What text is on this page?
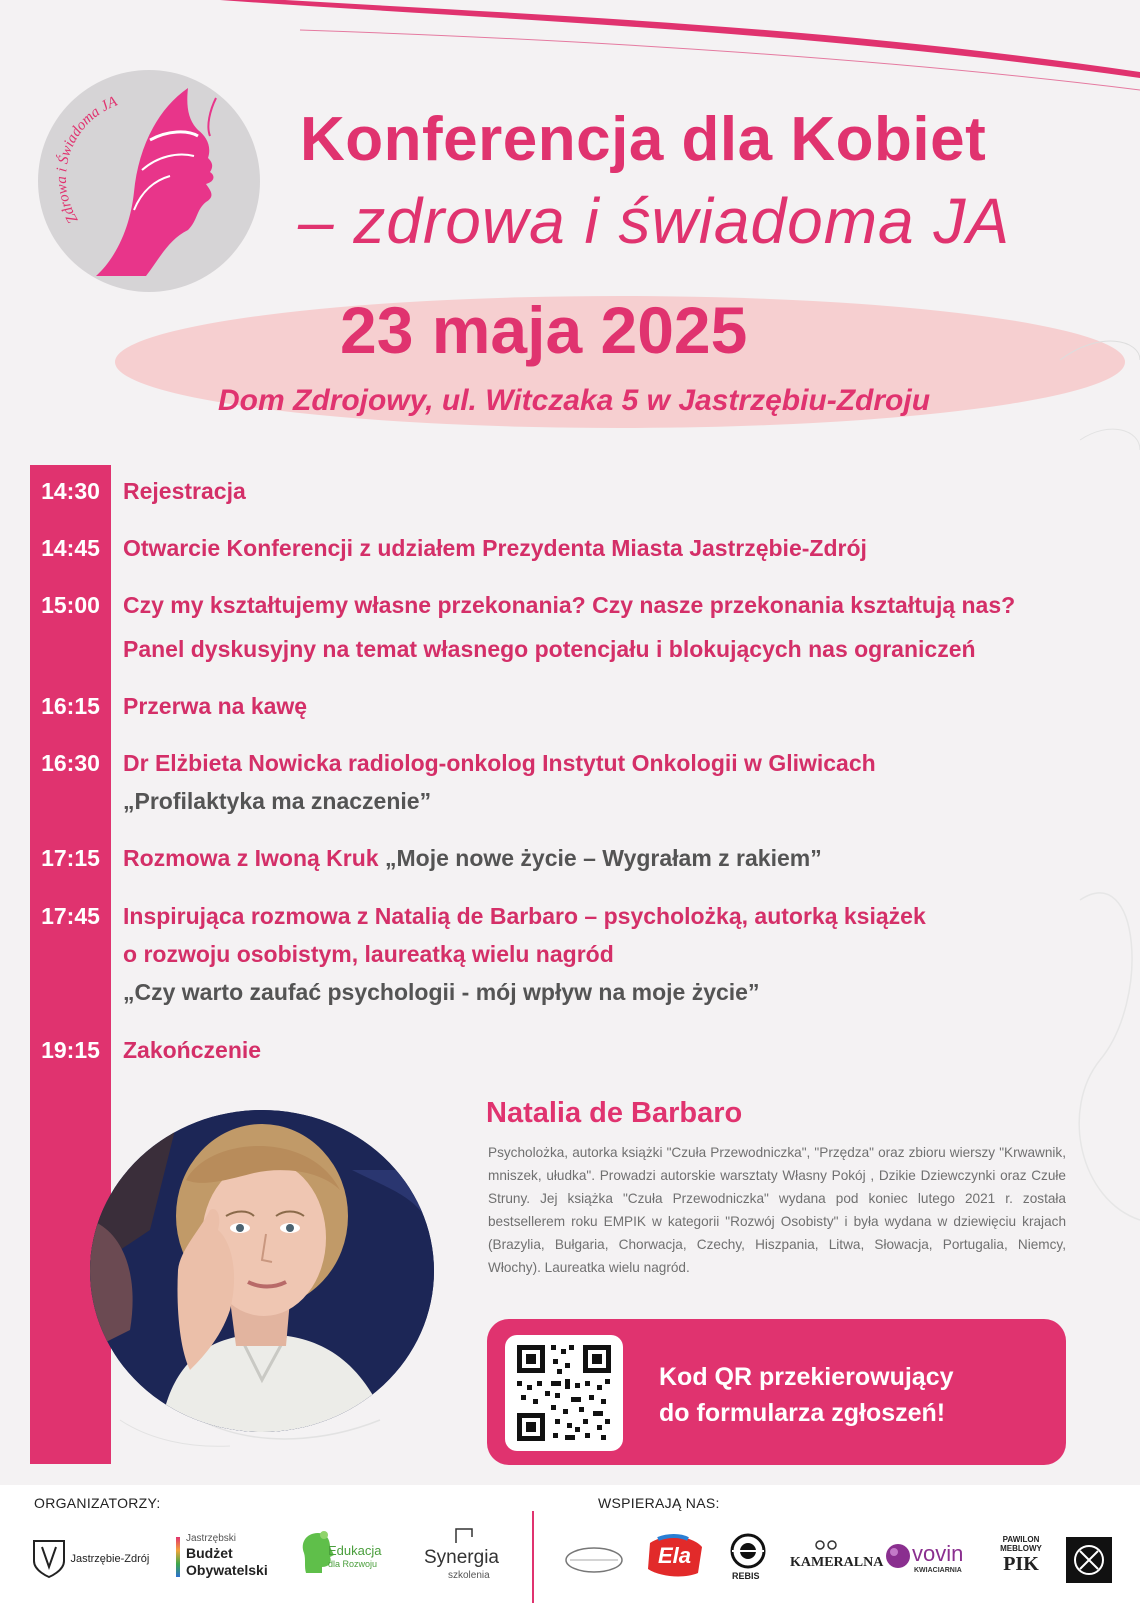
Zdrowa i Świadoma JA
Konferencja dla Kobiet
– zdrowa i świadoma JA
23 maja 2025
Dom Zdrojowy, ul. Witczaka 5 w Jastrzębiu-Zdroju
14:30	Rejestracja
14:45	Otwarcie Konferencji z udziałem Prezydenta Miasta Jastrzębie-Zdrój
15:00	Czy my kształtujemy własne przekonania? Czy nasze przekonania kształtują nas?
Panel dyskusyjny na temat własnego potencjału i blokujących nas ograniczeń
16:15	Przerwa na kawę
16:30	Dr Elżbieta Nowicka radiolog-onkolog Instytut Onkologii w Gliwicach
„Profilaktyka ma znaczenie”
17:15	Rozmowa z Iwoną Kruk „Moje nowe życie – Wygrałam z rakiem”
17:45	Inspirująca rozmowa z Natalią de Barbaro – psycholożką, autorką książek
o rozwoju osobistym, laureatką wielu nagród
„Czy warto zaufać psychologii - mój wpływ na moje życie”
19:15	Zakończenie
Natalia de Barbaro
Psycholożka, autorka książki "Czuła Przewodniczka", "Przędza" oraz zbioru wierszy "Krwawnik, mniszek, ułudka". Prowadzi autorskie warsztaty Własny Pokój , Dzikie Dziewczynki oraz Czułe Struny. Jej książka "Czuła Przewodniczka" wydana pod koniec lutego 2021 r. została bestsellerem roku EMPIK w kategorii "Rozwój Osobisty" i była wydana w dziewięciu krajach (Brazylia, Bułgaria, Chorwacja, Czechy, Hiszpania, Litwa, Słowacja, Portugalia, Niemcy, Włochy). Laureatka wielu nagród.
Kod QR przekierowujący
do formularza zgłoszeń!
ORGANIZATORZY:	WSPIERAJĄ NAS:
Jastrzębie-Zdrój
Jastrzębski
Budżet
Obywatelski
Edukacja
dla Rozwoju Synergia
szkolenia
Ela
REBIS
KAMERALNA vovin
KWIACIARNIA
PAWILON
MEBLOWY
PIK
